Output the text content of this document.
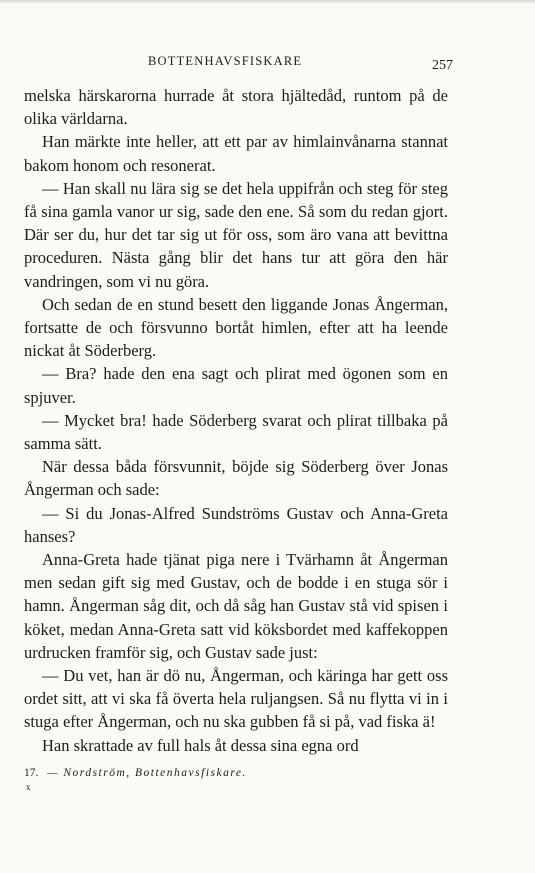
BOTTENHAVSFISKARE	257

melska härskarorna hurrade åt stora hjältedåd, runtom på de olika världarna.

Han märkte inte heller, att ett par av himlainvånarna stannat bakom honom och resonerat.

— Han skall nu lära sig se det hela uppifrån och steg för steg få sina gamla vanor ur sig, sade den ene. Så som du redan gjort. Där ser du, hur det tar sig ut för oss, som äro vana att bevittna proceduren. Nästa gång blir det hans tur att göra den här vandringen, som vi nu göra.

Och sedan de en stund besett den liggande Jonas Ångerman, fortsatte de och försvunno bortåt himlen, efter att ha leende nickat åt Söderberg.

— Bra? hade den ena sagt och plirat med ögonen som en spjuver.

— Mycket bra! hade Söderberg svarat och plirat tillbaka på samma sätt.

När dessa båda försvunnit, böjde sig Söderberg över Jonas Ångerman och sade:

— Si du Jonas-Alfred Sundströms Gustav och Anna-Greta hanses?

Anna-Greta hade tjänat piga nere i Tvärhamn åt Ångerman men sedan gift sig med Gustav, och de bodde i en stuga sör i hamn. Ångerman såg dit, och då såg han Gustav stå vid spisen i köket, medan Anna-Greta satt vid köksbordet med kaffekoppen urdrucken framför sig, och Gustav sade just:

— Du vet, han är dö nu, Ångerman, och käringa har gett oss ordet sitt, att vi ska få överta hela ruljangsen. Så nu flytta vi in i stuga efter Ångerman, och nu ska gubben få si på, vad fiska ä!

Han skrattade av full hals åt dessa sina egna ord

17. — Nordström, Bottenhavsfiskare.
x
